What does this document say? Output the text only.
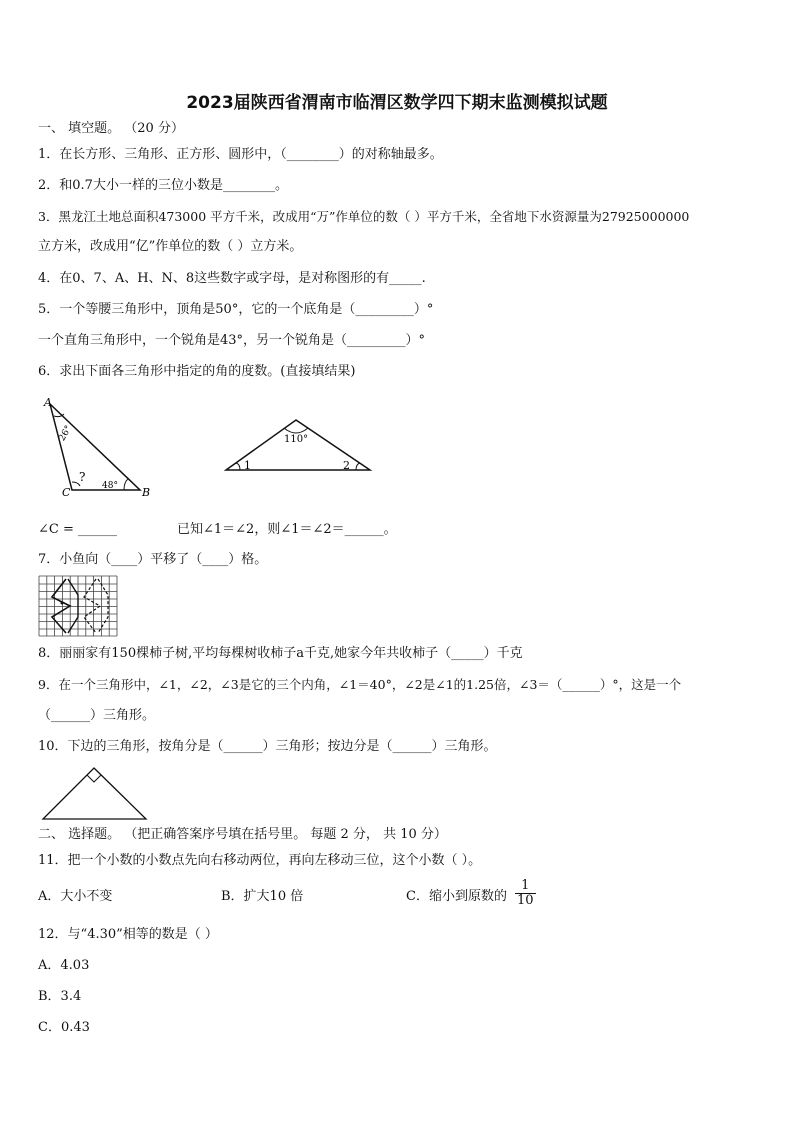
2023届陕西省渭南市临渭区数学四下期末监测模拟试题
一、 填空题。 （20 分）
1．在长方形、三角形、正方形、圆形中，（________）的对称轴最多。
2．和0.7大小一样的三位小数是________。
3．黑龙江土地总面积473000 平方千米，改成用“万”作单位的数（ ）平方千米，全省地下水资源量为27925000000
立方米，改成用“亿”作单位的数（ ）立方米。
4．在0、7、A、H、N、8这些数字或字母，是对称图形的有_____.
5．一个等腰三角形中，顶角是50°，它的一个底角是（_________）°
一个直角三角形中，一个锐角是43°，另一个锐角是（_________）°
6．求出下面各三角形中指定的角的度数。(直接填结果)
A
B
C
26°
48°
?
110°
1	2
∠C = ______	已知∠1＝∠2，则∠1＝∠2＝______。
7．小鱼向（____）平移了（____）格。
8．丽丽家有150棵柿子树,平均每棵树收柿子a千克,她家今年共收柿子（_____）千克
9．在一个三角形中，∠1，∠2，∠3是它的三个内角，∠1＝40°，∠2是∠1的1.25倍，∠3＝（______）°，这是一个
（______）三角形。
10．下边的三角形，按角分是（______）三角形；按边分是（______）三角形。
二、 选择题。 （把正确答案序号填在括号里。 每题 2 分， 共 10 分）
11．把一个小数的小数点先向右移动两位，再向左移动三位，这个小数（ ）。
A．大小不变	B．扩大10 倍	C．缩小到原数的 $\frac{1}{10}$
12．与“4.30”相等的数是（ ）
A．4.03
B．3.4
C．0.43
